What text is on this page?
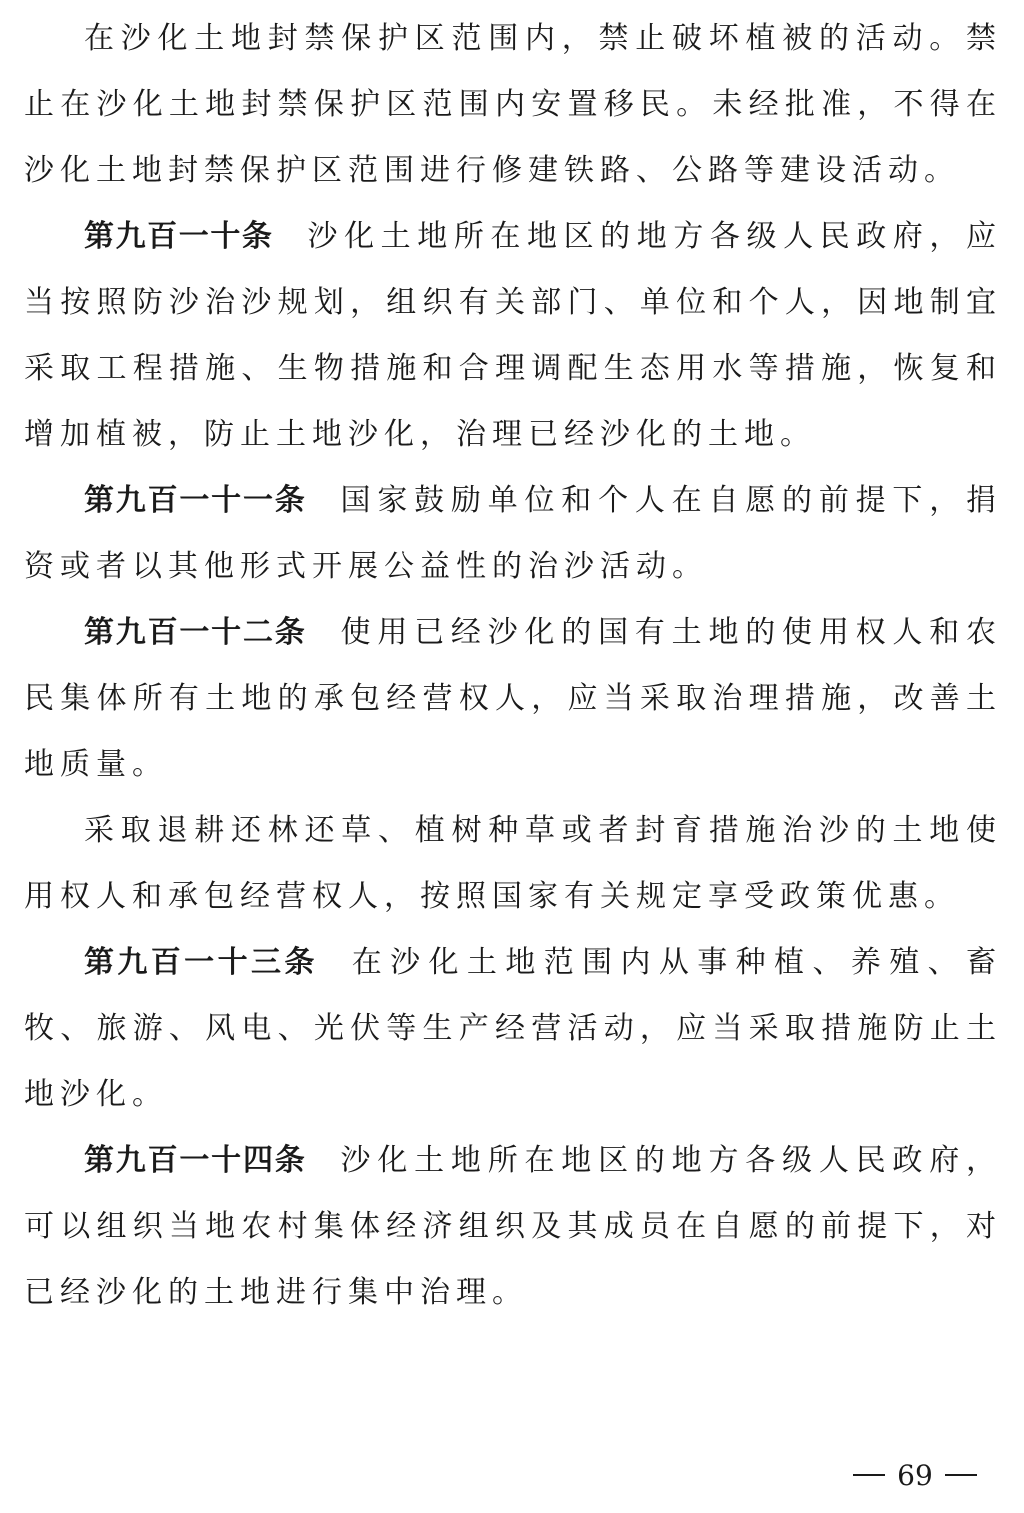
在沙化土地封禁保护区范围内，禁止破坏植被的活动。禁止在沙化土地封禁保护区范围内安置移民。未经批准，不得在沙化土地封禁保护区范围进行修建铁路、公路等建设活动。

第九百一十条 沙化土地所在地区的地方各级人民政府，应当按照防沙治沙规划，组织有关部门、单位和个人，因地制宜采取工程措施、生物措施和合理调配生态用水等措施，恢复和增加植被，防止土地沙化，治理已经沙化的土地。

第九百一十一条 国家鼓励单位和个人在自愿的前提下，捐资或者以其他形式开展公益性的治沙活动。

第九百一十二条 使用已经沙化的国有土地的使用权人和农民集体所有土地的承包经营权人，应当采取治理措施，改善土地质量。

采取退耕还林还草、植树种草或者封育措施治沙的土地使用权人和承包经营权人，按照国家有关规定享受政策优惠。

第九百一十三条 在沙化土地范围内从事种植、养殖、畜牧、旅游、风电、光伏等生产经营活动，应当采取措施防止土地沙化。

第九百一十四条 沙化土地所在地区的地方各级人民政府，可以组织当地农村集体经济组织及其成员在自愿的前提下，对已经沙化的土地进行集中治理。

69
